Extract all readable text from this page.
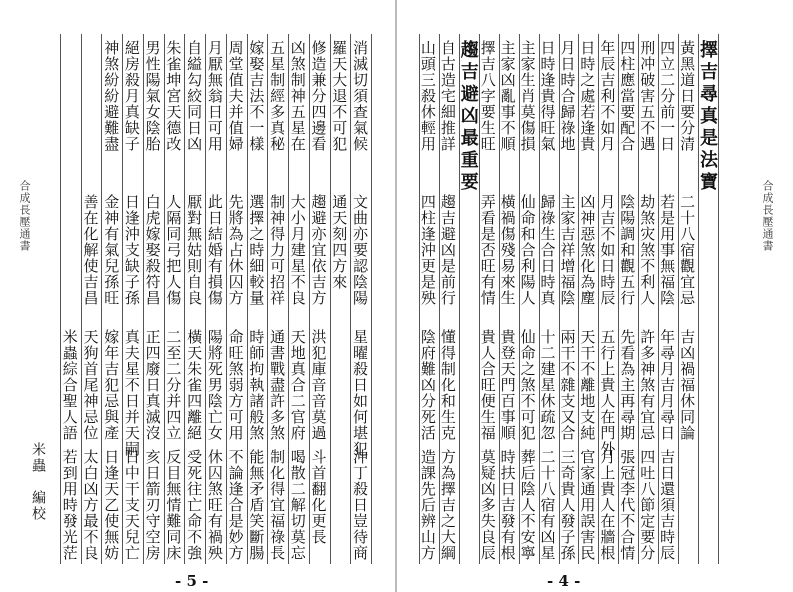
合成長壓通書
消滅切須查氣候
文曲亦要認陰陽
星曜殺日如何堪犯
沖丁殺日豈待商
羅天大退不可犯
通天刻四方來
修造兼分四邊看
趨避亦宜依吉方
洪犯庫音音莫過
斗首翻化更長
凶煞制神五星在
大小月建星不良
天地真合二官府
喝散二解切莫忘
五星制經多真秘
制神得力可招祥
通書戰盡許多煞
制化得宜福祿長
嫁娶吉法不一樣
選擇之時細較量
時師拘執諸般煞
能無矛盾笑斷腸
周堂值夫并值婦
先將為占休囚方
命旺煞弱方可用
不論逢合是妙方
月厭無翁日可用
此日結婚有損傷
陽將死男陰亡女
休囚煞旺有禍殃
自縊勾絞同日凶
厭對無姑則自良
橫天朱雀四離絕
受死往亡命不強
朱雀坤宮天德改
人隔同弓把人傷
二至二分并四立
反目無情難同床
男性陽氣女陰胎
白虎嫁娶殺符昌
正四廢日真滅沒
亥日箭刃守空房
絕房殺月真缺子
日逢沖支缺子孫
真夫星不日并天嗣
日中干支天兒亡
神煞紛紛避難盡
金神有氣兒孫旺
嫁年吉犯忌與產
日逢天乙使無妨
善在化解使吉昌
天狗首尾神忌位
太白凶方最不良
米蟲綜合聖人語
若到用時發光茫
米蟲　編校
- 5 -
合成長壓通書
擇吉尋真是法寶
黃黑道日要分清
二十八宿觀宜忌
吉凶禍福休同論
四立二分前一日
若是用事無福陰
年尋月吉月尋日
吉日還須吉時辰
刑冲破害五不遇
劫煞灾煞不利人
許多神煞有宜忌
四吐八節定要分
四柱應當要配合
陰陽調和觀五行
先看為主再尋期
張冠李代不合情
年辰吉利不如月
月吉不如日時辰
五行上貴人在門外
月上貴人在牆根
日時之處若逢貴
凶神惡煞化為塵
天干不離地支純
官家通用誤害民
月日時合歸祿地
主家吉祥增福陰
兩干不雜支又合
三奇貴人發子孫
日時逢貴得旺氣
歸祿生合日時真
十二建星休疏忽
二十八宿有凶星
主家生肖莫傷損
仙命和合利陽人
仙命之煞不可犯
葬后陰人不安寧
主家凶亂事不順
橫禍傷殘易來生
貴登天門百事順
時扶日吉發有根
擇吉八字要生旺
弄看是否旺有情
貴人合旺便生福
莫疑凶多失良辰
趨吉避凶最重要
自古造宅細推詳
趨吉避凶是前行
懂得制化和生克
方為擇吉之大綱
山頭三殺休輕用
四柱逢沖更是殃
陰府難凶分死活
造課先后辨山方
- 4 -
